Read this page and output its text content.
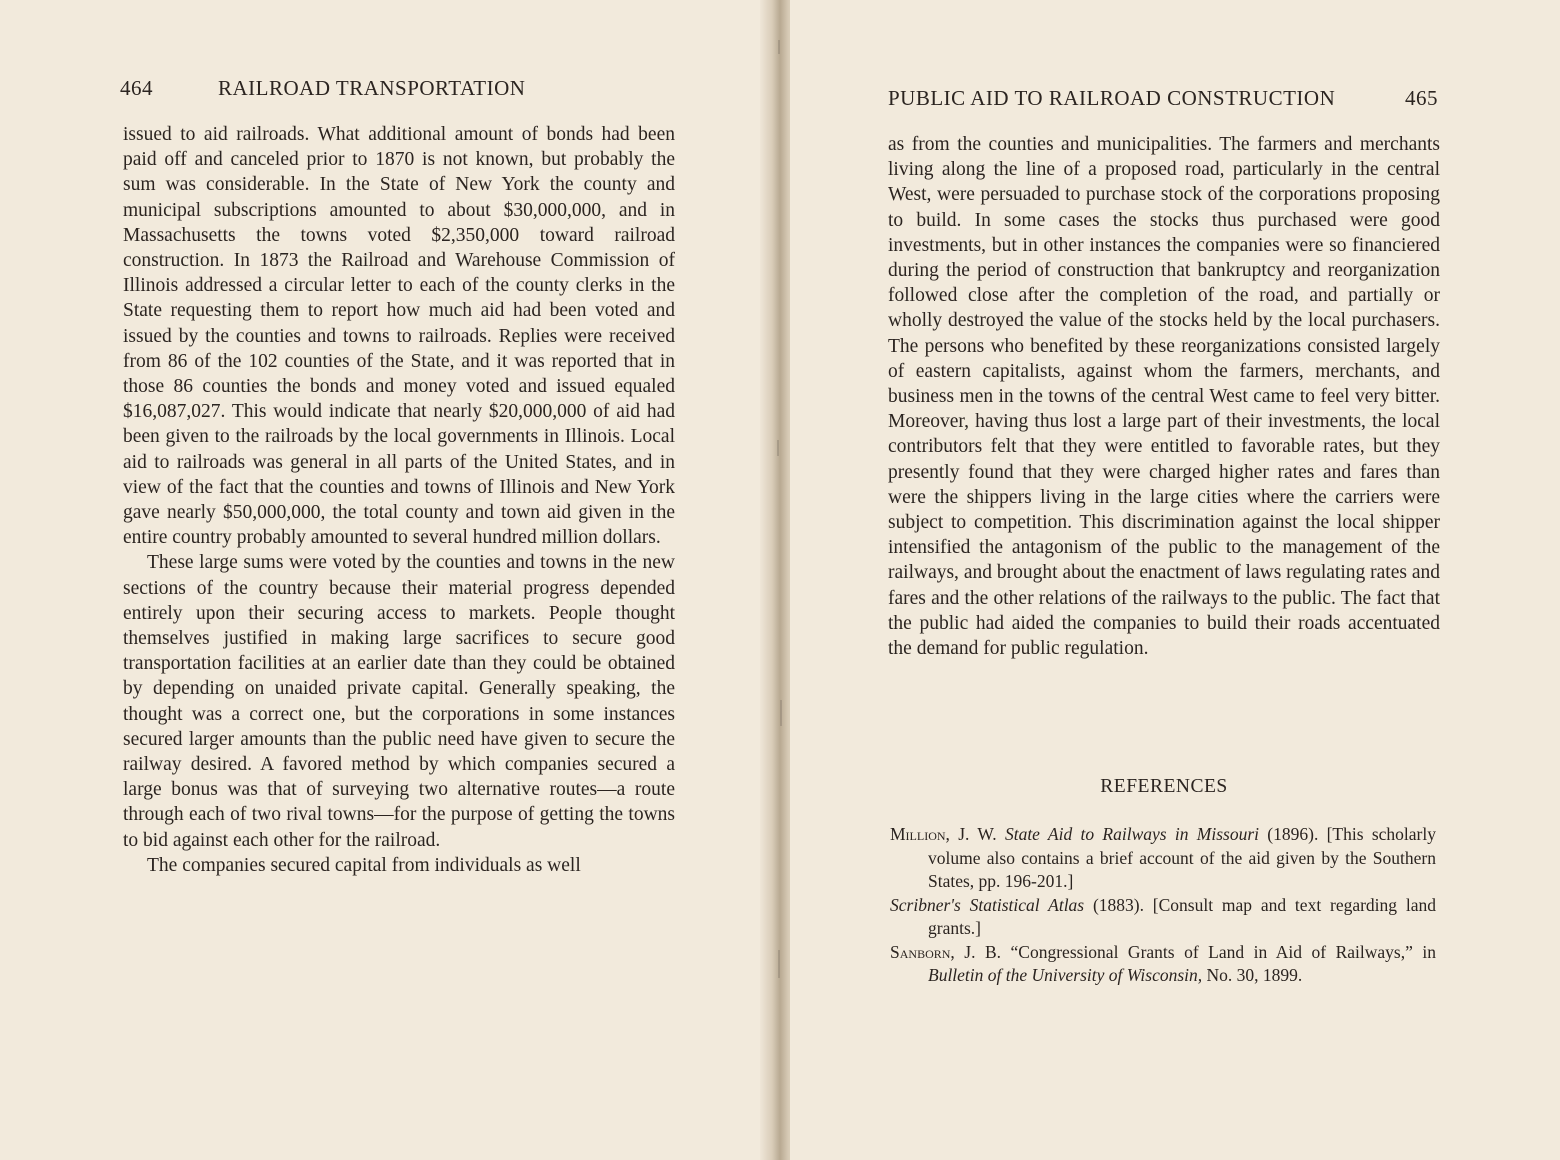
464	RAILROAD TRANSPORTATION

issued to aid railroads. What additional amount of bonds had been paid off and canceled prior to 1870 is not known, but probably the sum was considerable. In the State of New York the county and municipal subscriptions amounted to about $30,000,000, and in Massachusetts the towns voted $2,350,000 toward railroad construction. In 1873 the Railroad and Warehouse Commission of Illinois addressed a circular letter to each of the county clerks in the State requesting them to report how much aid had been voted and issued by the counties and towns to railroads. Replies were received from 86 of the 102 counties of the State, and it was reported that in those 86 counties the bonds and money voted and issued equaled $16,087,027. This would indicate that nearly $20,000,000 of aid had been given to the railroads by the local governments in Illinois. Local aid to railroads was general in all parts of the United States, and in view of the fact that the counties and towns of Illinois and New York gave nearly $50,000,000, the total county and town aid given in the entire country probably amounted to several hundred million dollars.

These large sums were voted by the counties and towns in the new sections of the country because their material progress depended entirely upon their securing access to markets. People thought themselves justified in making large sacrifices to secure good transportation facilities at an earlier date than they could be obtained by depending on unaided private capital. Generally speaking, the thought was a correct one, but the corporations in some instances secured larger amounts than the public need have given to secure the railway desired. A favored method by which companies secured a large bonus was that of surveying two alternative routes—a route through each of two rival towns—for the purpose of getting the towns to bid against each other for the railroad.

The companies secured capital from individuals as well

PUBLIC AID TO RAILROAD CONSTRUCTION	465

as from the counties and municipalities. The farmers and merchants living along the line of a proposed road, particularly in the central West, were persuaded to purchase stock of the corporations proposing to build. In some cases the stocks thus purchased were good investments, but in other instances the companies were so financiered during the period of construction that bankruptcy and reorganization followed close after the completion of the road, and partially or wholly destroyed the value of the stocks held by the local purchasers. The persons who benefited by these reorganizations consisted largely of eastern capitalists, against whom the farmers, merchants, and business men in the towns of the central West came to feel very bitter. Moreover, having thus lost a large part of their investments, the local contributors felt that they were entitled to favorable rates, but they presently found that they were charged higher rates and fares than were the shippers living in the large cities where the carriers were subject to competition. This discrimination against the local shipper intensified the antagonism of the public to the management of the railways, and brought about the enactment of laws regulating rates and fares and the other relations of the railways to the public. The fact that the public had aided the companies to build their roads accentuated the demand for public regulation.

REFERENCES

Million, J. W. State Aid to Railways in Missouri (1896). [This scholarly volume also contains a brief account of the aid given by the Southern States, pp. 196-201.]

Scribner's Statistical Atlas (1883). [Consult map and text regarding land grants.]

Sanborn, J. B. “Congressional Grants of Land in Aid of Railways,” in Bulletin of the University of Wisconsin, No. 30, 1899.
